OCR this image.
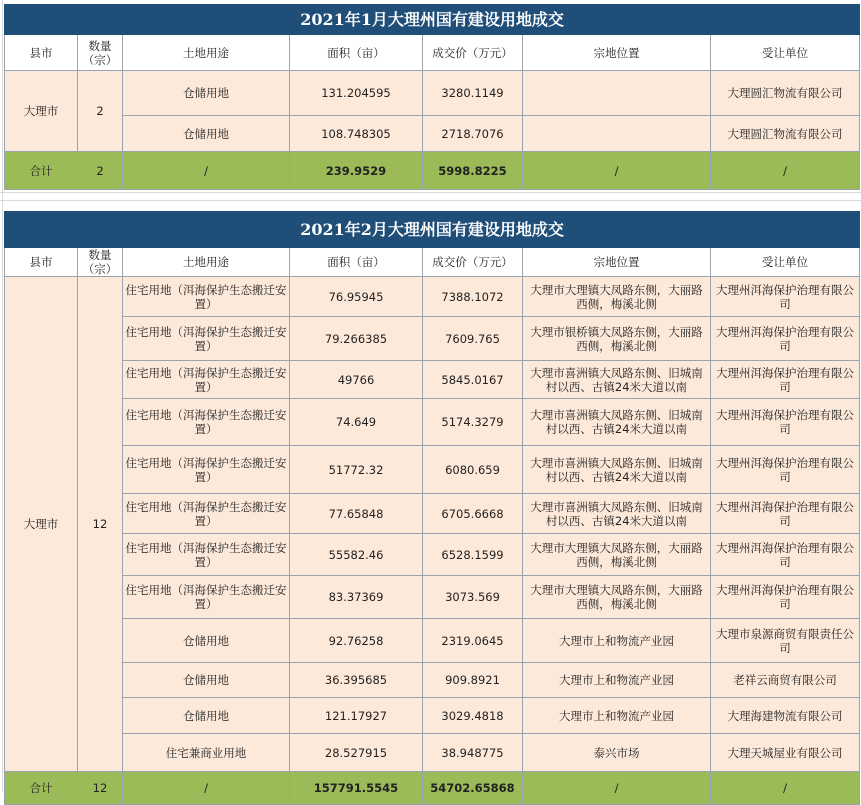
2021年1月大理州国有建设用地成交						
县市	数量（宗）	土地用途	面积（亩）	成交价（万元）	宗地位置	受让单位
大理市	2	仓储用地	131.204595	3280.1149		大理圆汇物流有限公司
		仓储用地	108.748305	2718.7076		大理圆汇物流有限公司
合计	2	/	239.9529	5998.8225	/	/
2021年2月大理州国有建设用地成交						
县市	数量（宗）	土地用途	面积（亩）	成交价（万元）	宗地位置	受让单位
大理市	12	住宅用地（洱海保护生态搬迁安置）	76.95945	7388.1072	大理市大理镇大凤路东侧，大丽路西侧，梅溪北侧	大理州洱海保护治理有限公司
		住宅用地（洱海保护生态搬迁安置）	79.266385	7609.765	大理市银桥镇大凤路东侧，大丽路西侧，梅溪北侧	大理州洱海保护治理有限公司
		住宅用地（洱海保护生态搬迁安置）	49766	5845.0167	大理市喜洲镇大凤路东侧、旧城南村以西、古镇24米大道以南	大理州洱海保护治理有限公司
		住宅用地（洱海保护生态搬迁安置）	74.649	5174.3279	大理市喜洲镇大凤路东侧、旧城南村以西、古镇24米大道以南	大理州洱海保护治理有限公司
		住宅用地（洱海保护生态搬迁安置）	51772.32	6080.659	大理市喜洲镇大凤路东侧、旧城南村以西、古镇24米大道以南	大理州洱海保护治理有限公司
		住宅用地（洱海保护生态搬迁安置）	77.65848	6705.6668	大理市喜洲镇大凤路东侧、旧城南村以西、古镇24米大道以南	大理州洱海保护治理有限公司
		住宅用地（洱海保护生态搬迁安置）	55582.46	6528.1599	大理市大理镇大凤路东侧，大丽路西侧，梅溪北侧	大理州洱海保护治理有限公司
		住宅用地（洱海保护生态搬迁安置）	83.37369	3073.569	大理市大理镇大凤路东侧，大丽路西侧，梅溪北侧	大理州洱海保护治理有限公司
		仓储用地	92.76258	2319.0645	大理市上和物流产业园	大理市泉源商贸有限责任公司
		仓储用地	36.395685	909.8921	大理市上和物流产业园	老祥云商贸有限公司
		仓储用地	121.17927	3029.4818	大理市上和物流产业园	大理海建物流有限公司
		住宅兼商业用地	28.527915	38.948775	泰兴市场	大理天城屋业有限公司
合计	12	/	157791.5545	54702.65868	/	/
